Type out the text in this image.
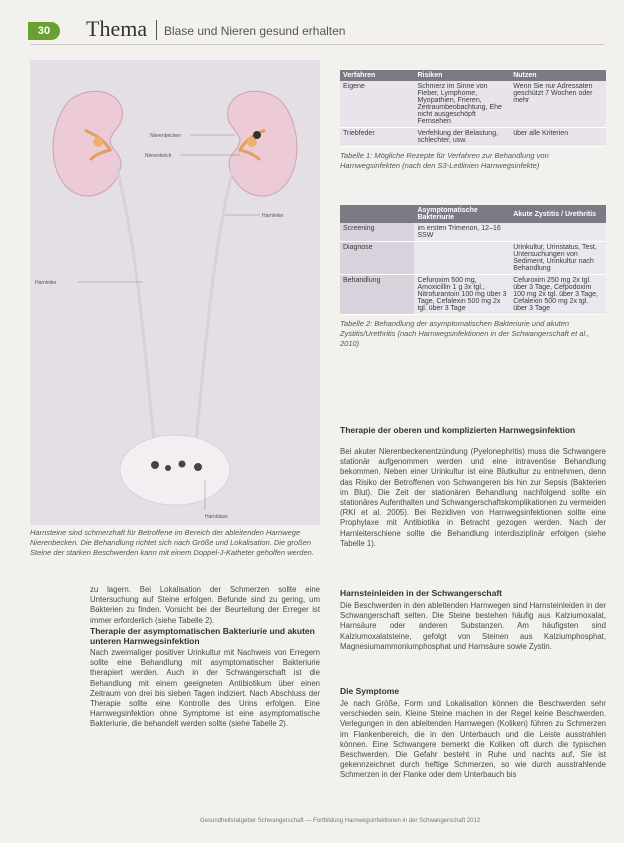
30	Thema Blase und Nieren gesund erhalten
Nierenbecken
Nierenkelch
Harnleiter
Harnleiter
Harnblase
Harnsteine sind schmerzhaft für Betroffene im Bereich der ableitenden Harnwege Nierenbecken. Die Behandlung richtet sich nach Größe und Lokalisation. Die großen Steine der starken Beschwerden kann mit einem Doppel-J-Katheter geholfen werden.
zu lagern. Bei Lokalisation der Schmerzen sollte eine Untersuchung auf Steine erfolgen. Befunde sind zu gering, um Bakterien zu finden. Vorsicht bei der Beurteilung der Erreger ist immer erforderlich (siehe Tabelle 2).
Therapie der asymptomatischen Bakteriurie und akuten unteren Harnwegsinfektion
Nach zweimaliger positiver Urinkultur mit Nachweis von Erregern sollte eine Behandlung mit asymptomatischer Bakteriurie therapiert werden. Auch in der Schwangerschaft ist die Behandlung mit einem geeigneten Antibiotikum über einen Zeitraum von drei bis sieben Tagen indiziert. Nach Abschluss der Therapie sollte eine Kontrolle des Urins erfolgen. Eine Harnwegsinfektion ohne Symptome ist eine asymptomatische Bakteriurie, die behandelt werden sollte (siehe Tabelle 2).
Verfahren	Risiken	Nutzen
Eigene	Schmerz im Sinne von Fieber, Lymphome, Myopathien, Frieren, Zeitraumbeobachtung, Ehe nicht ausgeschöpft Fernsehen	Wenn Sie nur Adressaten geschützt 7 Wochen oder mehr
Triebfeder	Verfehlung der Belastung, schlechter, usw.	über alle Kriterien
Tabelle 1: Mögliche Rezepte für Verfahren zur Behandlung von Harnwegsinfekten (nach den S3-Leitlinien Harnwegsinfekte)
	Asymptomatische Bakteriurie	Akute Zystitis / Urethritis
Screening	im ersten Trimenon, 12–16 SSW	
Diagnose		Urinkultur, Urinstatus, Test, Untersuchungen von Sediment, Urinkultur nach Behandlung
Behandlung	Cefuroxim 500 mg, Amoxicillin 1 g 3x tgl., Nitrofurantoin 100 mg über 3 Tage, Cefalexin 500 mg 2x tgl. über 3 Tage	Cefuroxim 250 mg 2x tgl. über 3 Tage, Cefpodoxim 100 mg 2x tgl. über 3 Tage, Cefalexin 500 mg 2x tgl. über 3 Tage
Tabelle 2: Behandlung der asymptomatischen Bakteriurie und akuten Zystitis/Urethritis (nach Harnwegsinfektionen in der Schwangerschaft et al., 2010)
Therapie der oberen und komplizierten Harnwegsinfektion
Bei akuter Nierenbeckenentzündung (Pyelonephritis) muss die Schwangere stationär aufgenommen werden und eine intravenöse Behandlung bekommen. Neben einer Urinkultur ist eine Blutkultur zu entnehmen, denn das Risiko der Betroffenen von Schwangeren bis hin zur Sepsis (Bakterien im Blut). Die Zeit der stationären Behandlung nachfolgend sollte ein stationäres Aufenthalten und Schwangerschaftskomplikationen zu vermeiden (RKI et al. 2005). Bei Rezidiven von Harnwegsinfektionen sollte eine Prophylaxe mit Antibiotika in Betracht gezogen werden. Nach der Harnleiterschiene sollte die Behandlung interdisziplinär erfolgen (siehe Tabelle 1).
Harnsteinleiden in der Schwangerschaft
Die Beschwerden in den ableitenden Harnwegen sind Harnsteinleiden in der Schwangerschaft selten. Die Steine bestehen häufig aus Kalziumoxalat, Harnsäure oder anderen Substanzen. Am häufigsten sind Kalziumoxalatsteine, gefolgt von Steinen aus Kalziumphosphat, Magnesiumammoniumphosphat und Harnsäure sowie Zystin.
Die Symptome
Je nach Größe, Form und Lokalisation können die Beschwerden sehr verschieden sein. Kleine Steine machen in der Regel keine Beschwerden. Verlegungen in den ableitenden Harnwegen (Koliken) führen zu Schmerzen im Flankenbereich, die in den Unterbauch und die Leiste ausstrahlen können. Eine Schwangere bemerkt die Koliken oft durch die typischen Beschwerden. Die Gefahr besteht in Ruhe und nachts auf, Sie ist gekennzeichnet durch heftige Schmerzen, so wie durch ausstrahlende Schmerzen in der Flanke oder dem Unterbauch bis
Gesundheitsratgeber Schwangerschaft — Fortbildung Harnwegsinfektionen in der Schwangerschaft 2012
